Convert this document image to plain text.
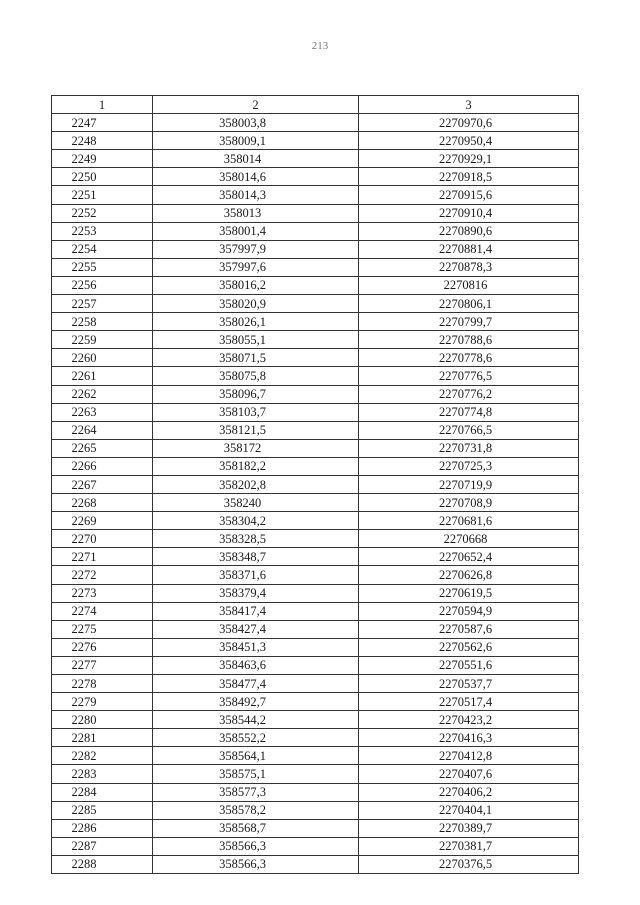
213
1	2	3
2247	358003,8	2270970,6
2248	358009,1	2270950,4
2249	358014	2270929,1
2250	358014,6	2270918,5
2251	358014,3	2270915,6
2252	358013	2270910,4
2253	358001,4	2270890,6
2254	357997,9	2270881,4
2255	357997,6	2270878,3
2256	358016,2	2270816
2257	358020,9	2270806,1
2258	358026,1	2270799,7
2259	358055,1	2270788,6
2260	358071,5	2270778,6
2261	358075,8	2270776,5
2262	358096,7	2270776,2
2263	358103,7	2270774,8
2264	358121,5	2270766,5
2265	358172	2270731,8
2266	358182,2	2270725,3
2267	358202,8	2270719,9
2268	358240	2270708,9
2269	358304,2	2270681,6
2270	358328,5	2270668
2271	358348,7	2270652,4
2272	358371,6	2270626,8
2273	358379,4	2270619,5
2274	358417,4	2270594,9
2275	358427,4	2270587,6
2276	358451,3	2270562,6
2277	358463,6	2270551,6
2278	358477,4	2270537,7
2279	358492,7	2270517,4
2280	358544,2	2270423,2
2281	358552,2	2270416,3
2282	358564,1	2270412,8
2283	358575,1	2270407,6
2284	358577,3	2270406,2
2285	358578,2	2270404,1
2286	358568,7	2270389,7
2287	358566,3	2270381,7
2288	358566,3	2270376,5
